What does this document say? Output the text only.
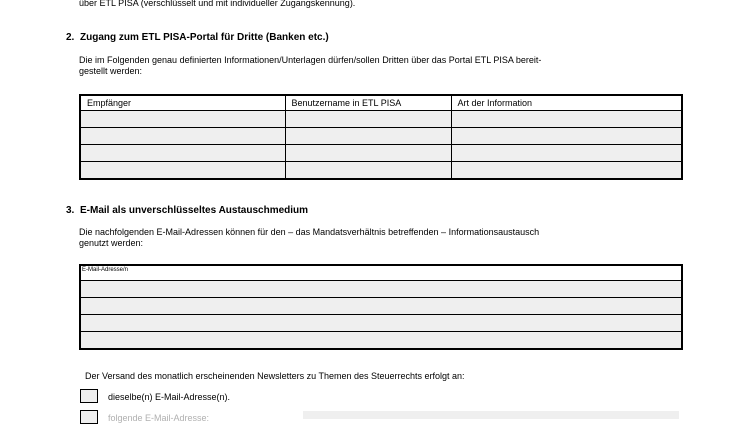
über ETL PISA (verschlüsselt und mit individueller Zugangskennung).
2. Zugang zum ETL PISA-Portal für Dritte (Banken etc.)
Die im Folgenden genau definierten Informationen/Unterlagen dürfen/sollen Dritten über das Portal ETL PISA bereit-
gestellt werden:
Empfänger	Benutzername in ETL PISA	Art der Information

3. E-Mail als unverschlüsseltes Austauschmedium
Die nachfolgenden E-Mail-Adressen können für den – das Mandatsverhältnis betreffenden – Informationsaustausch
genutzt werden:
E-Mail-Adresse/n

Der Versand des monatlich erscheinenden Newsletters zu Themen des Steuerrechts erfolgt an:
dieselbe(n) E-Mail-Adresse(n).
folgende E-Mail-Adresse:
